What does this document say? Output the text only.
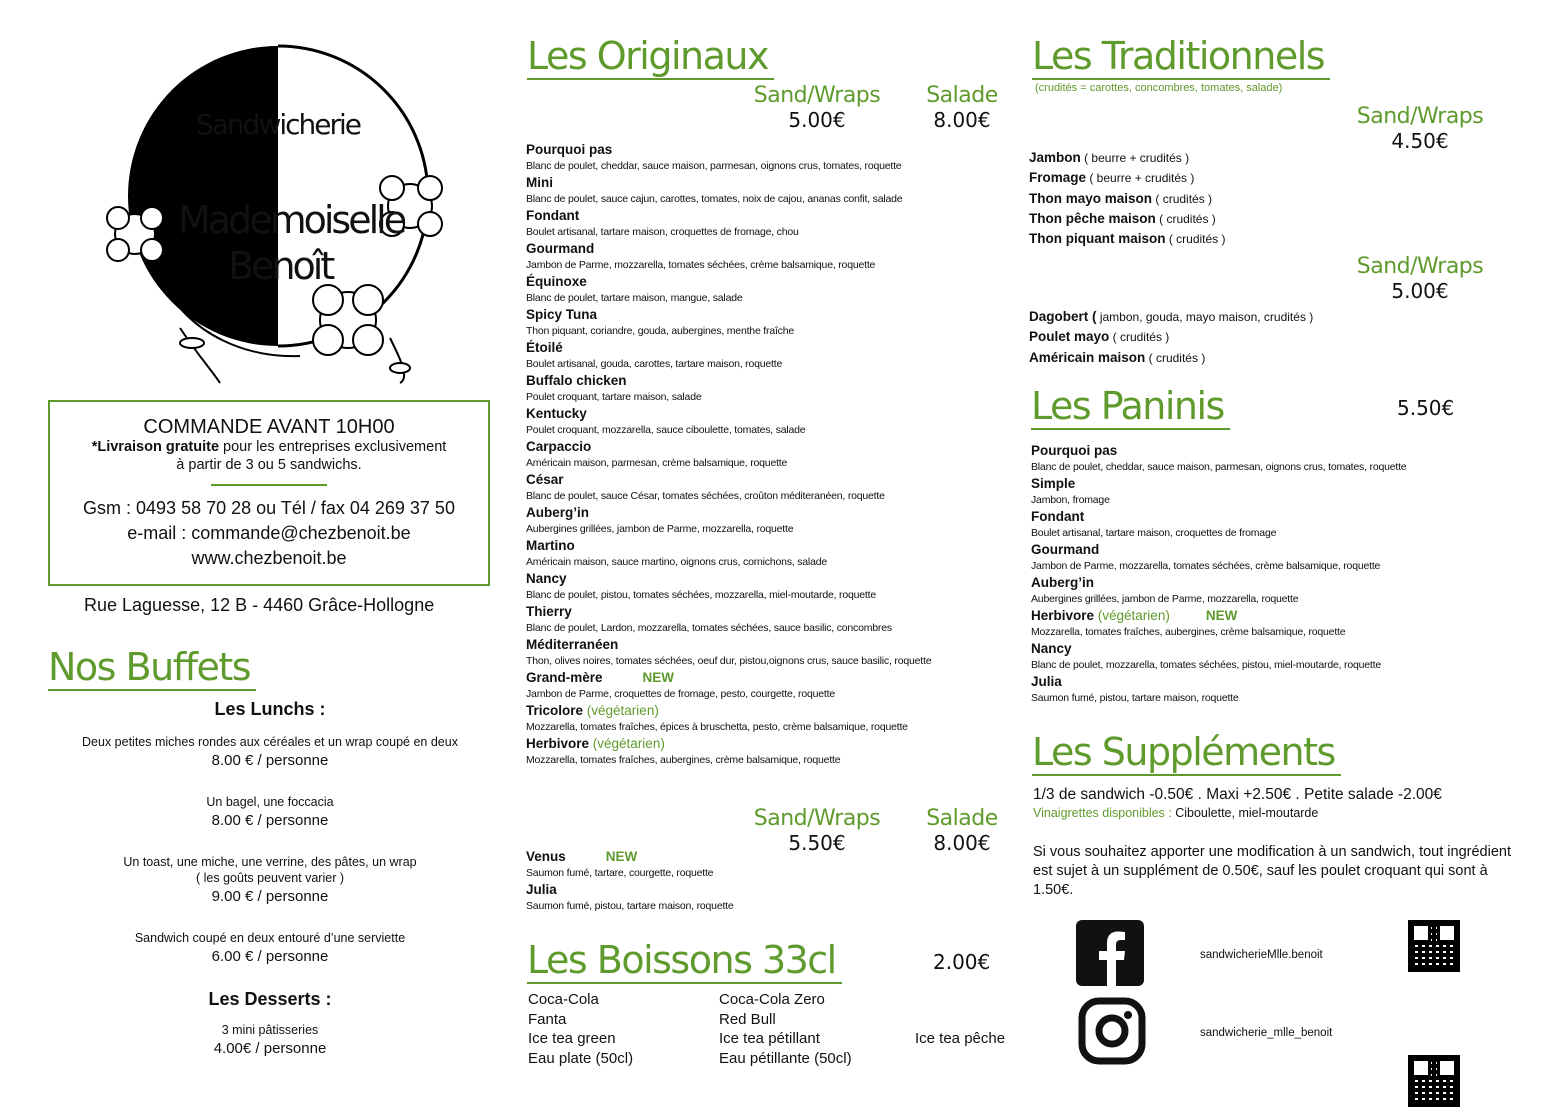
Sandwicherie
Mademoiselle
Benoît
COMMANDE AVANT 10H00
*Livraison gratuite pour les entreprises exclusivement
à partir de 3 ou 5 sandwichs.
Gsm : 0493 58 70 28 ou Tél / fax 04 269 37 50
e-mail : commande@chezbenoit.be
www.chezbenoit.be
Rue Laguesse, 12 B - 4460 Grâce-Hollogne
Nos Buffets

Les Lunchs :

Deux petites miches rondes aux céréales et un wrap coupé en deux

8.00 € / personne

Un bagel, une foccacia

8.00 € / personne

Un toast, une miche, une verrine, des pâtes, un wrap

( les goûts peuvent varier )

9.00 € / personne

Sandwich coupé en deux entouré d’une serviette

6.00 € / personne

Les Desserts :

3 mini pâtisseries

4.00€ / personne

Les Originaux
Sand/Wraps
5.00€
Salade
8.00€
Pourquoi pas
Blanc de poulet, cheddar, sauce maison, parmesan, oignons crus, tomates, roquette
Mini
Blanc de poulet, sauce cajun, carottes, tomates, noix de cajou, ananas confit, salade
Fondant
Boulet artisanal, tartare maison, croquettes de fromage, chou
Gourmand
Jambon de Parme, mozzarella, tomates séchées, crème balsamique, roquette
Équinoxe
Blanc de poulet, tartare maison, mangue, salade
Spicy Tuna
Thon piquant, coriandre, gouda, aubergines, menthe fraîche
Étoilé
Boulet artisanal, gouda, carottes, tartare maison, roquette
Buffalo chicken
Poulet croquant, tartare maison, salade
Kentucky
Poulet croquant, mozzarella, sauce ciboulette, tomates, salade
Carpaccio
Américain maison, parmesan, crème balsamique, roquette
César
Blanc de poulet, sauce César, tomates séchées, croûton méditeranéen, roquette
Auberg’in
Aubergines grillées, jambon de Parme, mozzarella, roquette
Martino
Américain maison, sauce martino, oignons crus, cornichons, salade
Nancy
Blanc de poulet, pistou, tomates séchées, mozzarella, miel-moutarde, roquette
Thierry
Blanc de poulet, Lardon, mozzarella, tomates séchées, sauce basilic, concombres
Méditerranéen
Thon, olives noires, tomates séchées, oeuf dur, pistou,oignons crus, sauce basilic, roquette
Grand-mère	NEW
Jambon de Parme, croquettes de fromage, pesto, courgette, roquette
Tricolore (végétarien)
Mozzarella, tomates fraîches, épices à bruschetta, pesto, crème balsamique, roquette
Herbivore (végétarien)
Mozzarella, tomates fraîches, aubergines, crème balsamique, roquette
Sand/Wraps
5.50€
Salade
8.00€
Venus	NEW
Saumon fumé, tartare, courgette, roquette
Julia
Saumon fumé, pistou, tartare maison, roquette
Les Boissons 33cl	2.00€
Coca-Cola
Fanta
Ice tea green
Eau plate (50cl)
Coca-Cola Zero
Red Bull
Ice tea pétillant
Eau pétillante (50cl)
Ice tea pêche
Les Traditionnels
(crudités = carottes, concombres, tomates, salade)
Sand/Wraps
4.50€
Jambon ( beurre + crudités )
Fromage ( beurre + crudités )
Thon mayo maison ( crudités )
Thon pêche maison ( crudités )
Thon piquant maison ( crudités )
Sand/Wraps
5.00€
Dagobert ( jambon, gouda, mayo maison, crudités )
Poulet mayo ( crudités )
Américain maison ( crudités )
Les Paninis	5.50€
Pourquoi pas
Blanc de poulet, cheddar, sauce maison, parmesan, oignons crus, tomates, roquette
Simple
Jambon, fromage
Fondant
Boulet artisanal, tartare maison, croquettes de fromage
Gourmand
Jambon de Parme, mozzarella, tomates séchées, crème balsamique, roquette
Auberg’in
Aubergines grillées, jambon de Parme, mozzarella, roquette
Herbivore (végétarien)	NEW
Mozzarella, tomates fraîches, aubergines, crème balsamique, roquette
Nancy
Blanc de poulet, mozzarella, tomates séchées, pistou, miel-moutarde, roquette
Julia
Saumon fumé, pistou, tartare maison, roquette
Les Suppléments
1/3 de sandwich -0.50€ . Maxi +2.50€ . Petite salade -2.00€
Vinaigrettes disponibles : Ciboulette, miel-moutarde
Si vous souhaitez apporter une modification à un sandwich, tout ingrédient est sujet à un supplément de 0.50€, sauf les poulet croquant qui sont à 1.50€.
sandwicherieMlle.benoit
sandwicherie_mlle_benoit
